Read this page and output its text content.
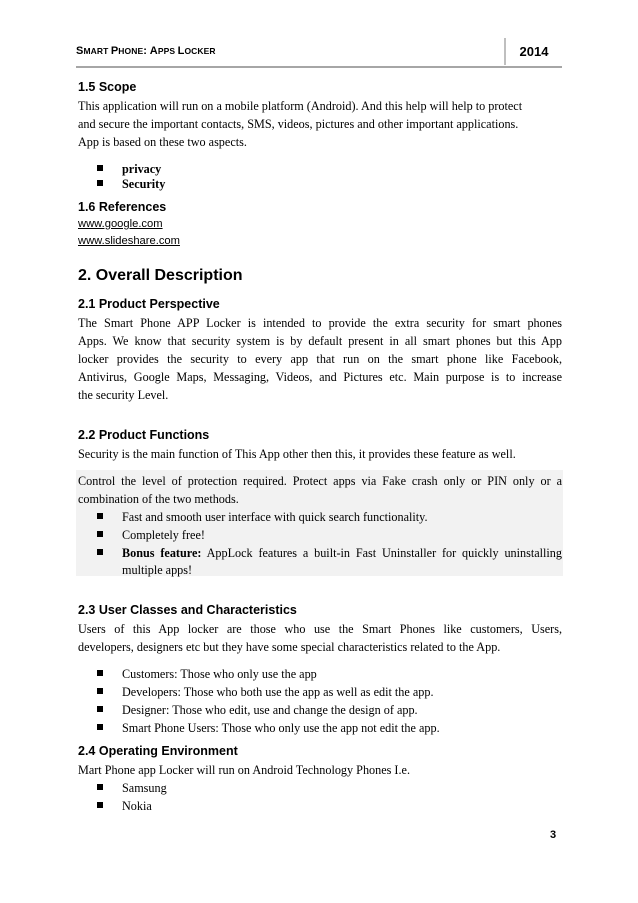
SMART PHONE: APPS LOCKER	2014
1.5 Scope
This application will run on a mobile platform (Android). And this help will help to protect
and secure the important contacts, SMS, videos, pictures and other important applications.
App is based on these two aspects.
privacy
Security
1.6 References
www.google.com
www.slideshare.com
2. Overall Description
2.1 Product Perspective
The Smart Phone APP Locker is intended to provide the extra security for smart phones
Apps. We know that security system is by default present in all smart phones but this App
locker provides the security to every app that run on the smart phone like Facebook,
Antivirus, Google Maps, Messaging, Videos, and Pictures etc. Main purpose is to increase
the security Level.
2.2 Product Functions
Security is the main function of This App other then this, it provides these feature as well.
Control the level of protection required. Protect apps via Fake crash only or PIN only or a
combination of the two methods.
Fast and smooth user interface with quick search functionality.
Completely free!
Bonus feature: AppLock features a built-in Fast Uninstaller for quickly uninstalling
multiple apps!
2.3 User Classes and Characteristics
Users of this App locker are those who use the Smart Phones like customers, Users,
developers, designers etc but they have some special characteristics related to the App.
Customers: Those who only use the app
Developers: Those who both use the app as well as edit the app.
Designer: Those who edit, use and change the design of app.
Smart Phone Users: Those who only use the app not edit the app.
2.4 Operating Environment
Mart Phone app Locker will run on Android Technology Phones I.e.
Samsung
Nokia
3
